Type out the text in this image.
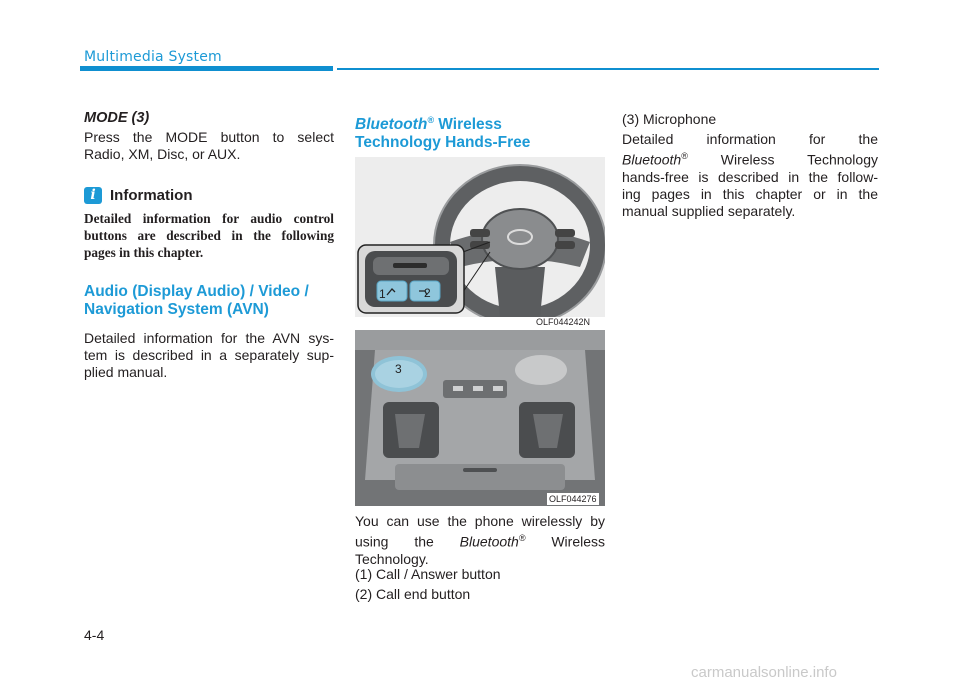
Multimedia System
MODE (3)
Press the MODE button to select
Radio, XM, Disc, or AUX.
i Information
Detailed information for audio control
buttons are described in the following
pages in this chapter.
Audio (Display Audio) / Video /
Navigation System (AVN)
Detailed information for the AVN sys-
tem is described in a separately sup-
plied manual.
Bluetooth® Wireless
Technology Hands-Free
1	2
OLF044242N
3
OLF044276
You can use the phone wirelessly by
using the Bluetooth® Wireless
Technology.
(1) Call / Answer button
(2) Call end button
(3) Microphone
Detailed information for the
Bluetooth® Wireless Technology
hands-free is described in the follow-
ing pages in this chapter or in the
manual supplied separately.
4-4
carmanualsonline.info
